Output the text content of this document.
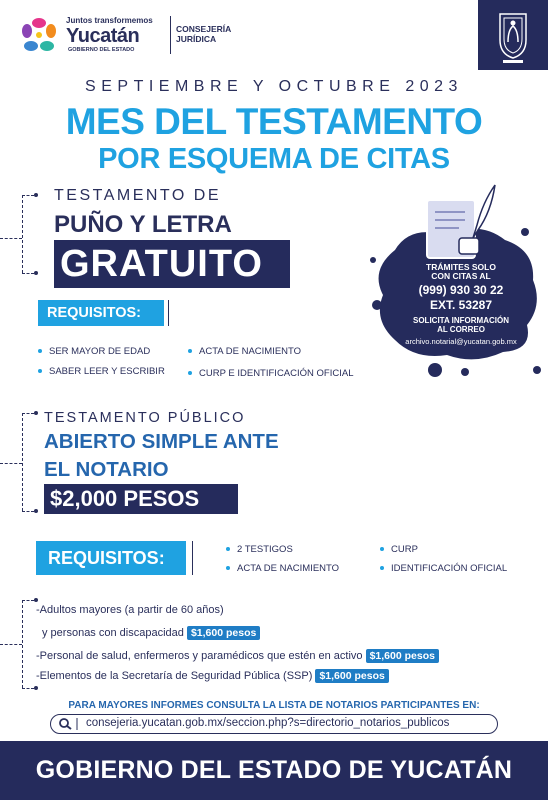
Juntos transformemos
Yucatán
GOBIERNO DEL ESTADO
CONSEJERÍA
JURÍDICA
SEPTIEMBRE Y OCTUBRE 2023
MES DEL TESTAMENTO
POR ESQUEMA DE CITAS
TESTAMENTO DE
PUÑO Y LETRA
GRATUITO
REQUISITOS:
SER MAYOR DE EDAD	ACTA DE NACIMIENTO
SABER LEER Y ESCRIBIR	CURP E IDENTIFICACIÓN OFICIAL
TRÁMITES SOLO
CON CITAS AL
(999) 930 30 22
EXT. 53287
SOLICITA INFORMACIÓN
AL CORREO
archivo.notarial@yucatan.gob.mx
TESTAMENTO PÚBLICO
ABIERTO SIMPLE ANTE
EL NOTARIO
$2,000 PESOS
REQUISITOS:	2 TESTIGOS	CURP
ACTA DE NACIMIENTO	IDENTIFICACIÓN OFICIAL
-Adultos mayores (a partir de 60 años)
y personas con discapacidad $1,600 pesos
-Personal de salud, enfermeros y paramédicos que estén en activo $1,600 pesos
-Elementos de la Secretaría de Seguridad Pública (SSP) $1,600 pesos
PARA MAYORES INFORMES CONSULTA LA LISTA DE NOTARIOS PARTICIPANTES EN:
consejeria.yucatan.gob.mx/seccion.php?s=directorio_notarios_publicos
GOBIERNO DEL ESTADO DE YUCATÁN
